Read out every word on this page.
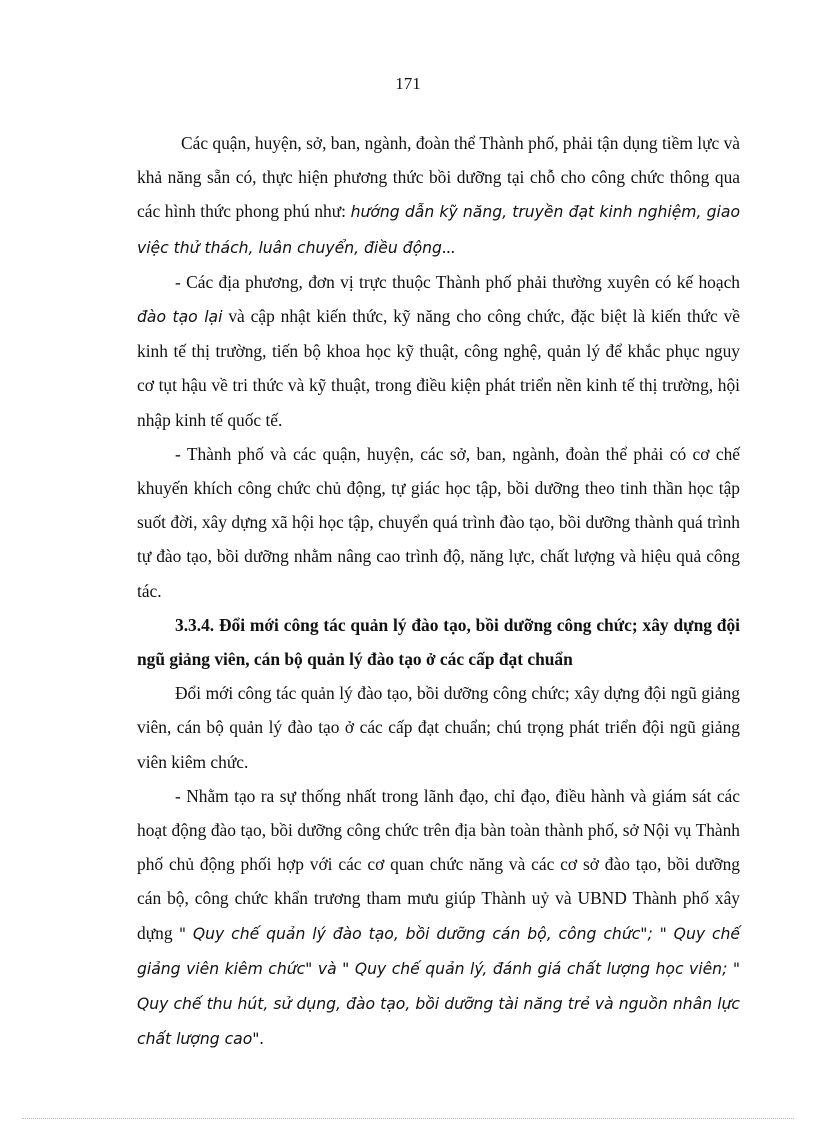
171

Các quận, huyện, sở, ban, ngành, đoàn thể Thành phố, phải tận dụng tiềm lực và khả năng sẵn có, thực hiện phương thức bồi dưỡng tại chỗ cho công chức thông qua các hình thức phong phú như: hướng dẫn kỹ năng, truyền đạt kinh nghiệm, giao việc thử thách, luân chuyển, điều động...

- Các địa phương, đơn vị trực thuộc Thành phố phải thường xuyên có kế hoạch đào tạo lại và cập nhật kiến thức, kỹ năng cho công chức, đặc biệt là kiến thức về kinh tế thị trường, tiến bộ khoa học kỹ thuật, công nghệ, quản lý để khắc phục nguy cơ tụt hậu về tri thức và kỹ thuật, trong điều kiện phát triển nền kinh tế thị trường, hội nhập kinh tế quốc tế.

- Thành phố và các quận, huyện, các sở, ban, ngành, đoàn thể phải có cơ chế khuyến khích công chức chủ động, tự giác học tập, bồi dưỡng theo tinh thần học tập suốt đời, xây dựng xã hội học tập, chuyển quá trình đào tạo, bồi dưỡng thành quá trình tự đào tạo, bồi dưỡng nhằm nâng cao trình độ, năng lực, chất lượng và hiệu quả công tác.

3.3.4. Đổi mới công tác quản lý đào tạo, bồi dưỡng công chức; xây dựng đội ngũ giảng viên, cán bộ quản lý đào tạo ở các cấp đạt chuẩn

Đổi mới công tác quản lý đào tạo, bồi dưỡng công chức; xây dựng đội ngũ giảng viên, cán bộ quản lý đào tạo ở các cấp đạt chuẩn; chú trọng phát triển đội ngũ giảng viên kiêm chức.

- Nhằm tạo ra sự thống nhất trong lãnh đạo, chỉ đạo, điều hành và giám sát các hoạt động đào tạo, bồi dưỡng công chức trên địa bàn toàn thành phố, sở Nội vụ Thành phố chủ động phối hợp với các cơ quan chức năng và các cơ sở đào tạo, bồi dưỡng cán bộ, công chức khẩn trương tham mưu giúp Thành uỷ và UBND Thành phố xây dựng " Quy chế quản lý đào tạo, bồi dưỡng cán bộ, công chức"; " Quy chế giảng viên kiêm chức" và " Quy chế quản lý, đánh giá chất lượng học viên; " Quy chế thu hút, sử dụng, đào tạo, bồi dưỡng tài năng trẻ và nguồn nhân lực chất lượng cao".
